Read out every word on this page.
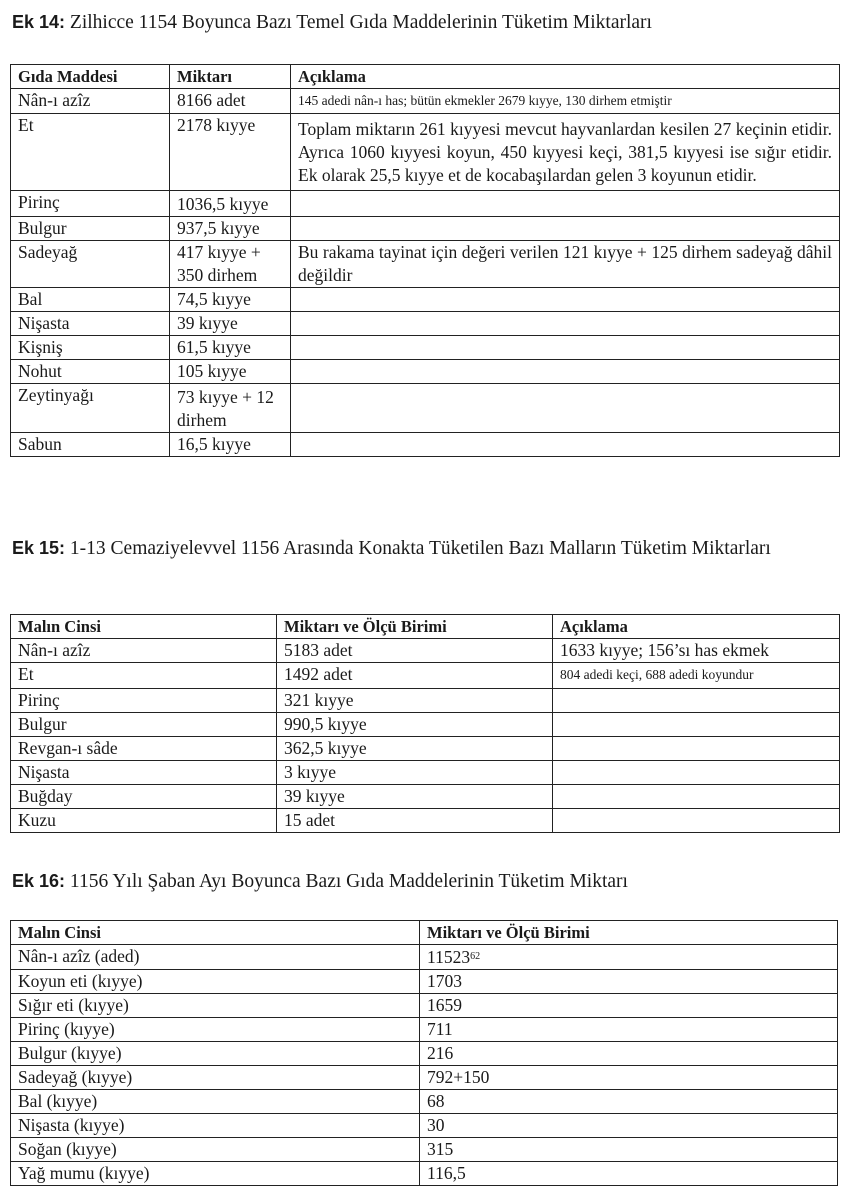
Ek 14: Zilhicce 1154 Boyunca Bazı Temel Gıda Maddelerinin Tüketim Miktarları
Gıda Maddesi	Miktarı	Açıklama
Nân-ı azîz	8166 adet	145 adedi nân-ı has; bütün ekmekler 2679 kıyye, 130 dirhem etmiştir
Et	2178 kıyye	Toplam miktarın 261 kıyyesi mevcut hayvanlardan kesilen 27 keçinin etidir. Ayrıca 1060 kıyyesi koyun, 450 kıyyesi keçi, 381,5 kıyyesi ise sığır etidir. Ek olarak 25,5 kıyye et de kocabaşılardan gelen 3 koyunun etidir.
Pirinç	1036,5 kıyye	
Bulgur	937,5 kıyye	
Sadeyağ	417 kıyye + 350 dirhem	Bu rakama tayinat için değeri verilen 121 kıyye + 125 dirhem sadeyağ dâhil değildir
Bal	74,5 kıyye	
Nişasta	39 kıyye	
Kişniş	61,5 kıyye	
Nohut	105 kıyye	
Zeytinyağı	73 kıyye + 12 dirhem	
Sabun	16,5 kıyye	
Ek 15: 1-13 Cemaziyelevvel 1156 Arasında Konakta Tüketilen Bazı Malların Tüketim Miktarları
Malın Cinsi	Miktarı ve Ölçü Birimi	Açıklama
Nân-ı azîz	5183 adet	1633 kıyye; 156’sı has ekmek
Et	1492 adet	804 adedi keçi, 688 adedi koyundur
Pirinç	321 kıyye	
Bulgur	990,5 kıyye	
Revgan-ı sâde	362,5 kıyye	
Nişasta	3 kıyye	
Buğday	39 kıyye	
Kuzu	15 adet	
Ek 16: 1156 Yılı Şaban Ayı Boyunca Bazı Gıda Maddelerinin Tüketim Miktarı
Malın Cinsi	Miktarı ve Ölçü Birimi
Nân-ı azîz (aded)	11523$^{62}$
Koyun eti (kıyye)	1703
Sığır eti (kıyye)	1659
Pirinç (kıyye)	711
Bulgur (kıyye)	216
Sadeyağ (kıyye)	792+150
Bal (kıyye)	68
Nişasta (kıyye)	30
Soğan (kıyye)	315
Yağ mumu (kıyye)	116,5
